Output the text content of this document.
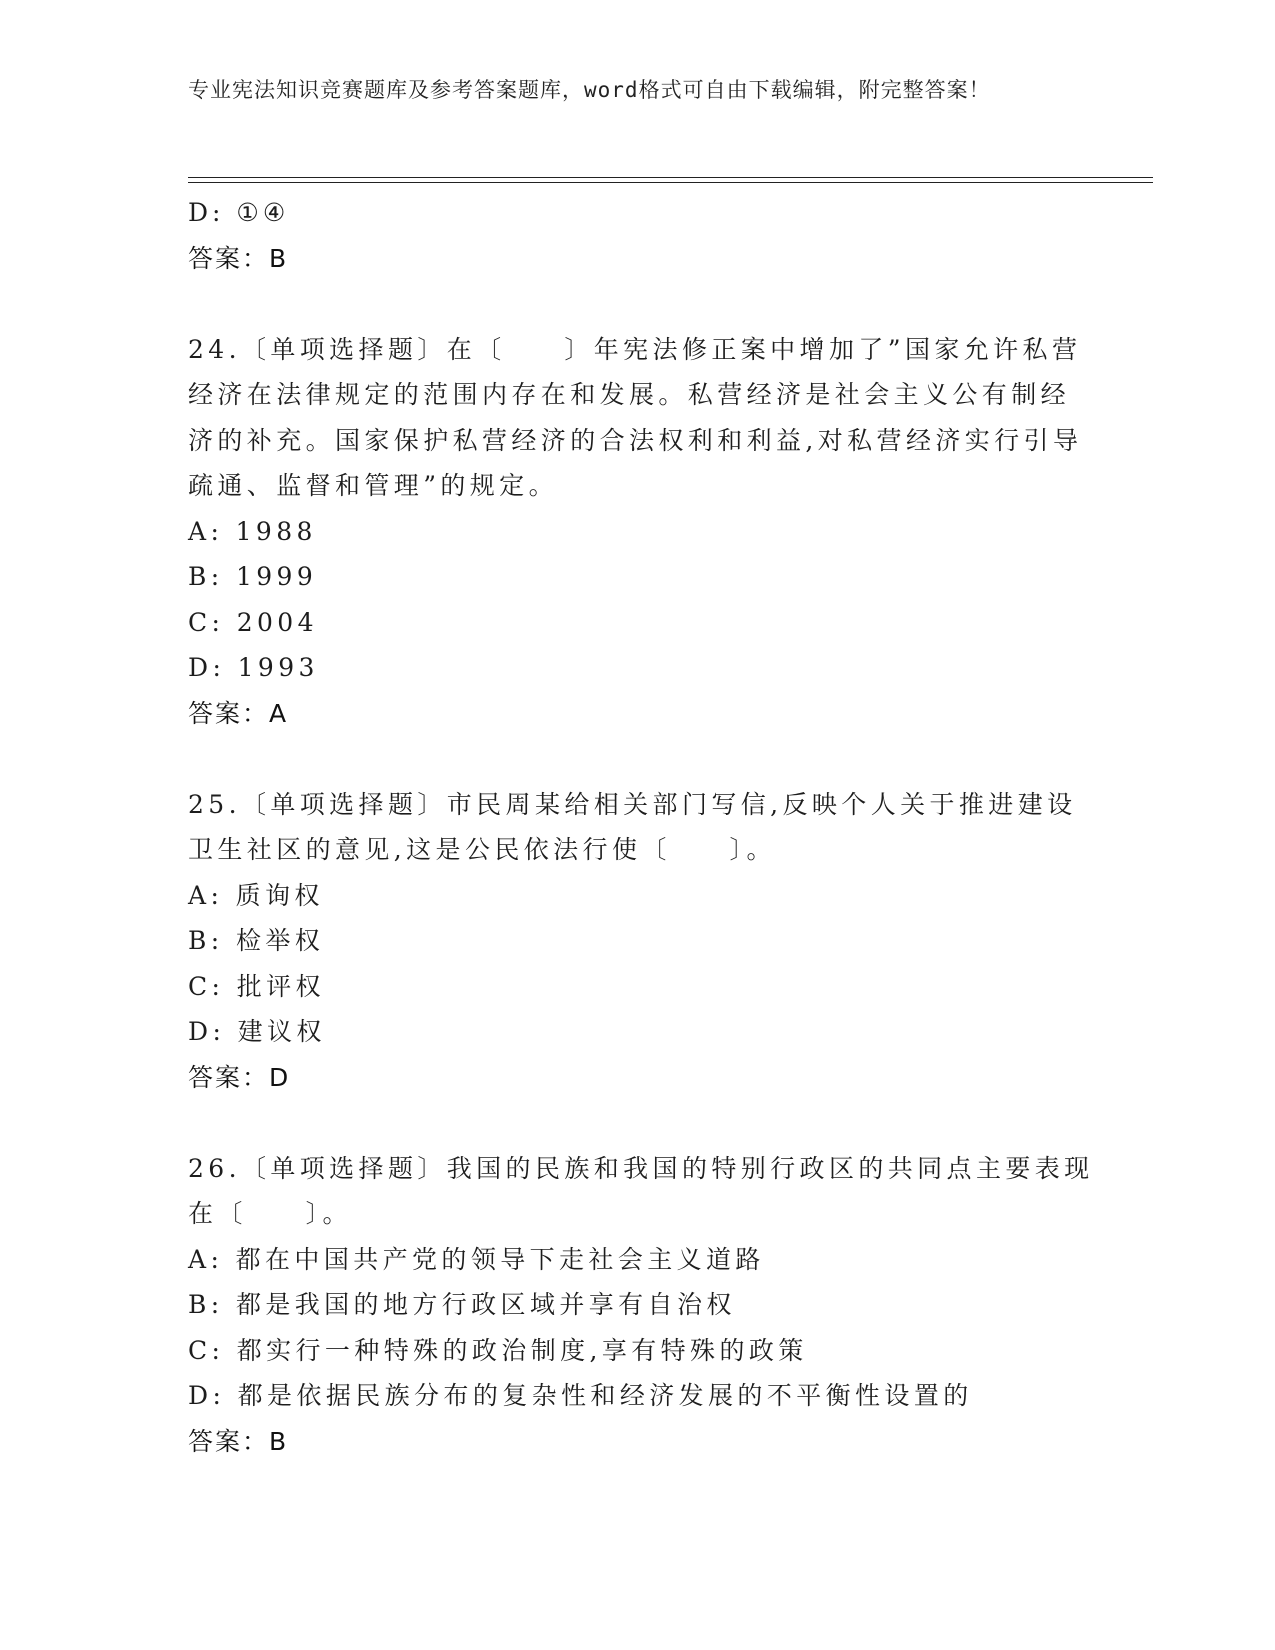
专业宪法知识竞赛题库及参考答案题库，word格式可自由下载编辑，附完整答案！
D: ①④
答案：B
24.〔单项选择题〕在〔　　〕年宪法修正案中增加了”国家允许私营
经济在法律规定的范围内存在和发展。私营经济是社会主义公有制经
济的补充。国家保护私营经济的合法权利和利益,对私营经济实行引导
疏通、监督和管理”的规定。
A: 1988
B: 1999
C: 2004
D: 1993
答案：A
25.〔单项选择题〕市民周某给相关部门写信,反映个人关于推进建设
卫生社区的意见,这是公民依法行使〔　　〕。
A: 质询权
B: 检举权
C: 批评权
D: 建议权
答案：D
26.〔单项选择题〕我国的民族和我国的特别行政区的共同点主要表现
在〔　　〕。
A: 都在中国共产党的领导下走社会主义道路
B: 都是我国的地方行政区域并享有自治权
C: 都实行一种特殊的政治制度,享有特殊的政策
D: 都是依据民族分布的复杂性和经济发展的不平衡性设置的
答案：B
